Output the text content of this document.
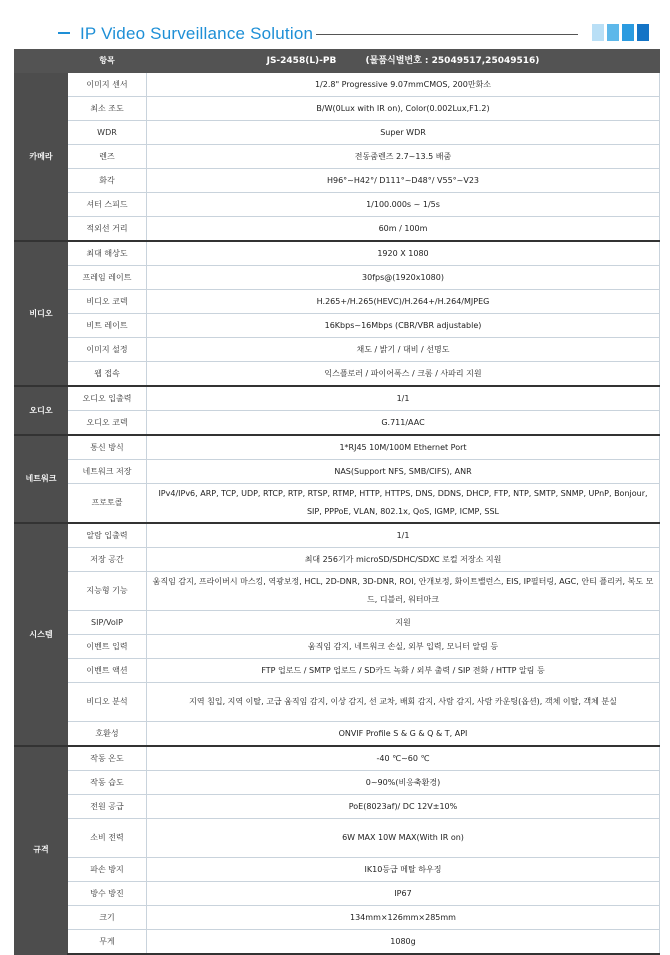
IP Video Surveillance Solution
	항목	JS-2458(L)-PB (물품식별번호 : 25049517,25049516)
카메라	이미지 센서	1/2.8" Progressive 9.07mmCMOS, 200만화소
	최소 조도	B/W(0Lux with IR on), Color(0.002Lux,F1.2)
	WDR	Super WDR
	렌즈	전동줌렌즈 2.7~13.5 배줌
	화각	H96°~H42°/ D111°~D48°/ V55°~V23
	셔터 스피드	1/100.000s ~ 1/5s
	적외선 거리	60m / 100m
비디오	최대 해상도	1920 X 1080
	프레임 레이트	30fps@(1920x1080)
	비디오 코덱	H.265+/H.265(HEVC)/H.264+/H.264/MJPEG
	비트 레이트	16Kbps~16Mbps (CBR/VBR adjustable)
	이미지 설정	채도 / 밝기 / 대비 / 선명도
	웹 접속	익스플로러 / 파이어폭스 / 크롬 / 사파리 지원
오디오	오디오 입출력	1/1
	오디오 코덱	G.711/AAC
네트워크	통신 방식	1*RJ45 10M/100M Ethernet Port
	네트워크 저장	NAS(Support NFS, SMB/CIFS), ANR
	프로토콜	IPv4/IPv6, ARP, TCP, UDP, RTCP, RTP, RTSP, RTMP, HTTP, HTTPS, DNS, DDNS, DHCP, FTP, NTP, SMTP, SNMP, UPnP, Bonjour, SIP, PPPoE, VLAN, 802.1x, QoS, IGMP, ICMP, SSL
시스템	알람 입출력	1/1
	저장 공간	최대 256기가 microSD/SDHC/SDXC 로컬 저장소 지원
	지능형 기능	움직임 감지, 프라이버시 마스킹, 역광보정, HCL, 2D-DNR, 3D-DNR, ROI, 안개보정, 화이트밸런스, EIS, IP필터링, AGC, 안티 플리커, 복도 모드, 디블러, 워터마크
	SIP/VoIP	지원
	이벤트 입력	움직임 감지, 네트워크 손실, 외부 입력, 모니터 알림 등
	이벤트 액션	FTP 업로드 / SMTP 업로드 / SD카드 녹화 / 외부 출력 / SIP 전화 / HTTP 알림 등
	비디오 분석	지역 침입, 지역 이탈, 고급 움직임 감지, 이상 감지, 선 교차, 배회 감지, 사람 감지, 사람 카운팅(옵션), 객체 이탈, 객체 분실
	호환성	ONVIF Profile S & G & Q & T, API
규격	작동 온도	-40 ℃~60 ℃
	작동 습도	0~90%(비응축환경)
	전원 공급	PoE(8023af)/ DC 12V±10%
	소비 전력	6W MAX 10W MAX(With IR on)
	파손 방지	IK10등급 메탈 하우징
	방수 방진	IP67
	크기	134mm×126mm×285mm
	무게	1080g
